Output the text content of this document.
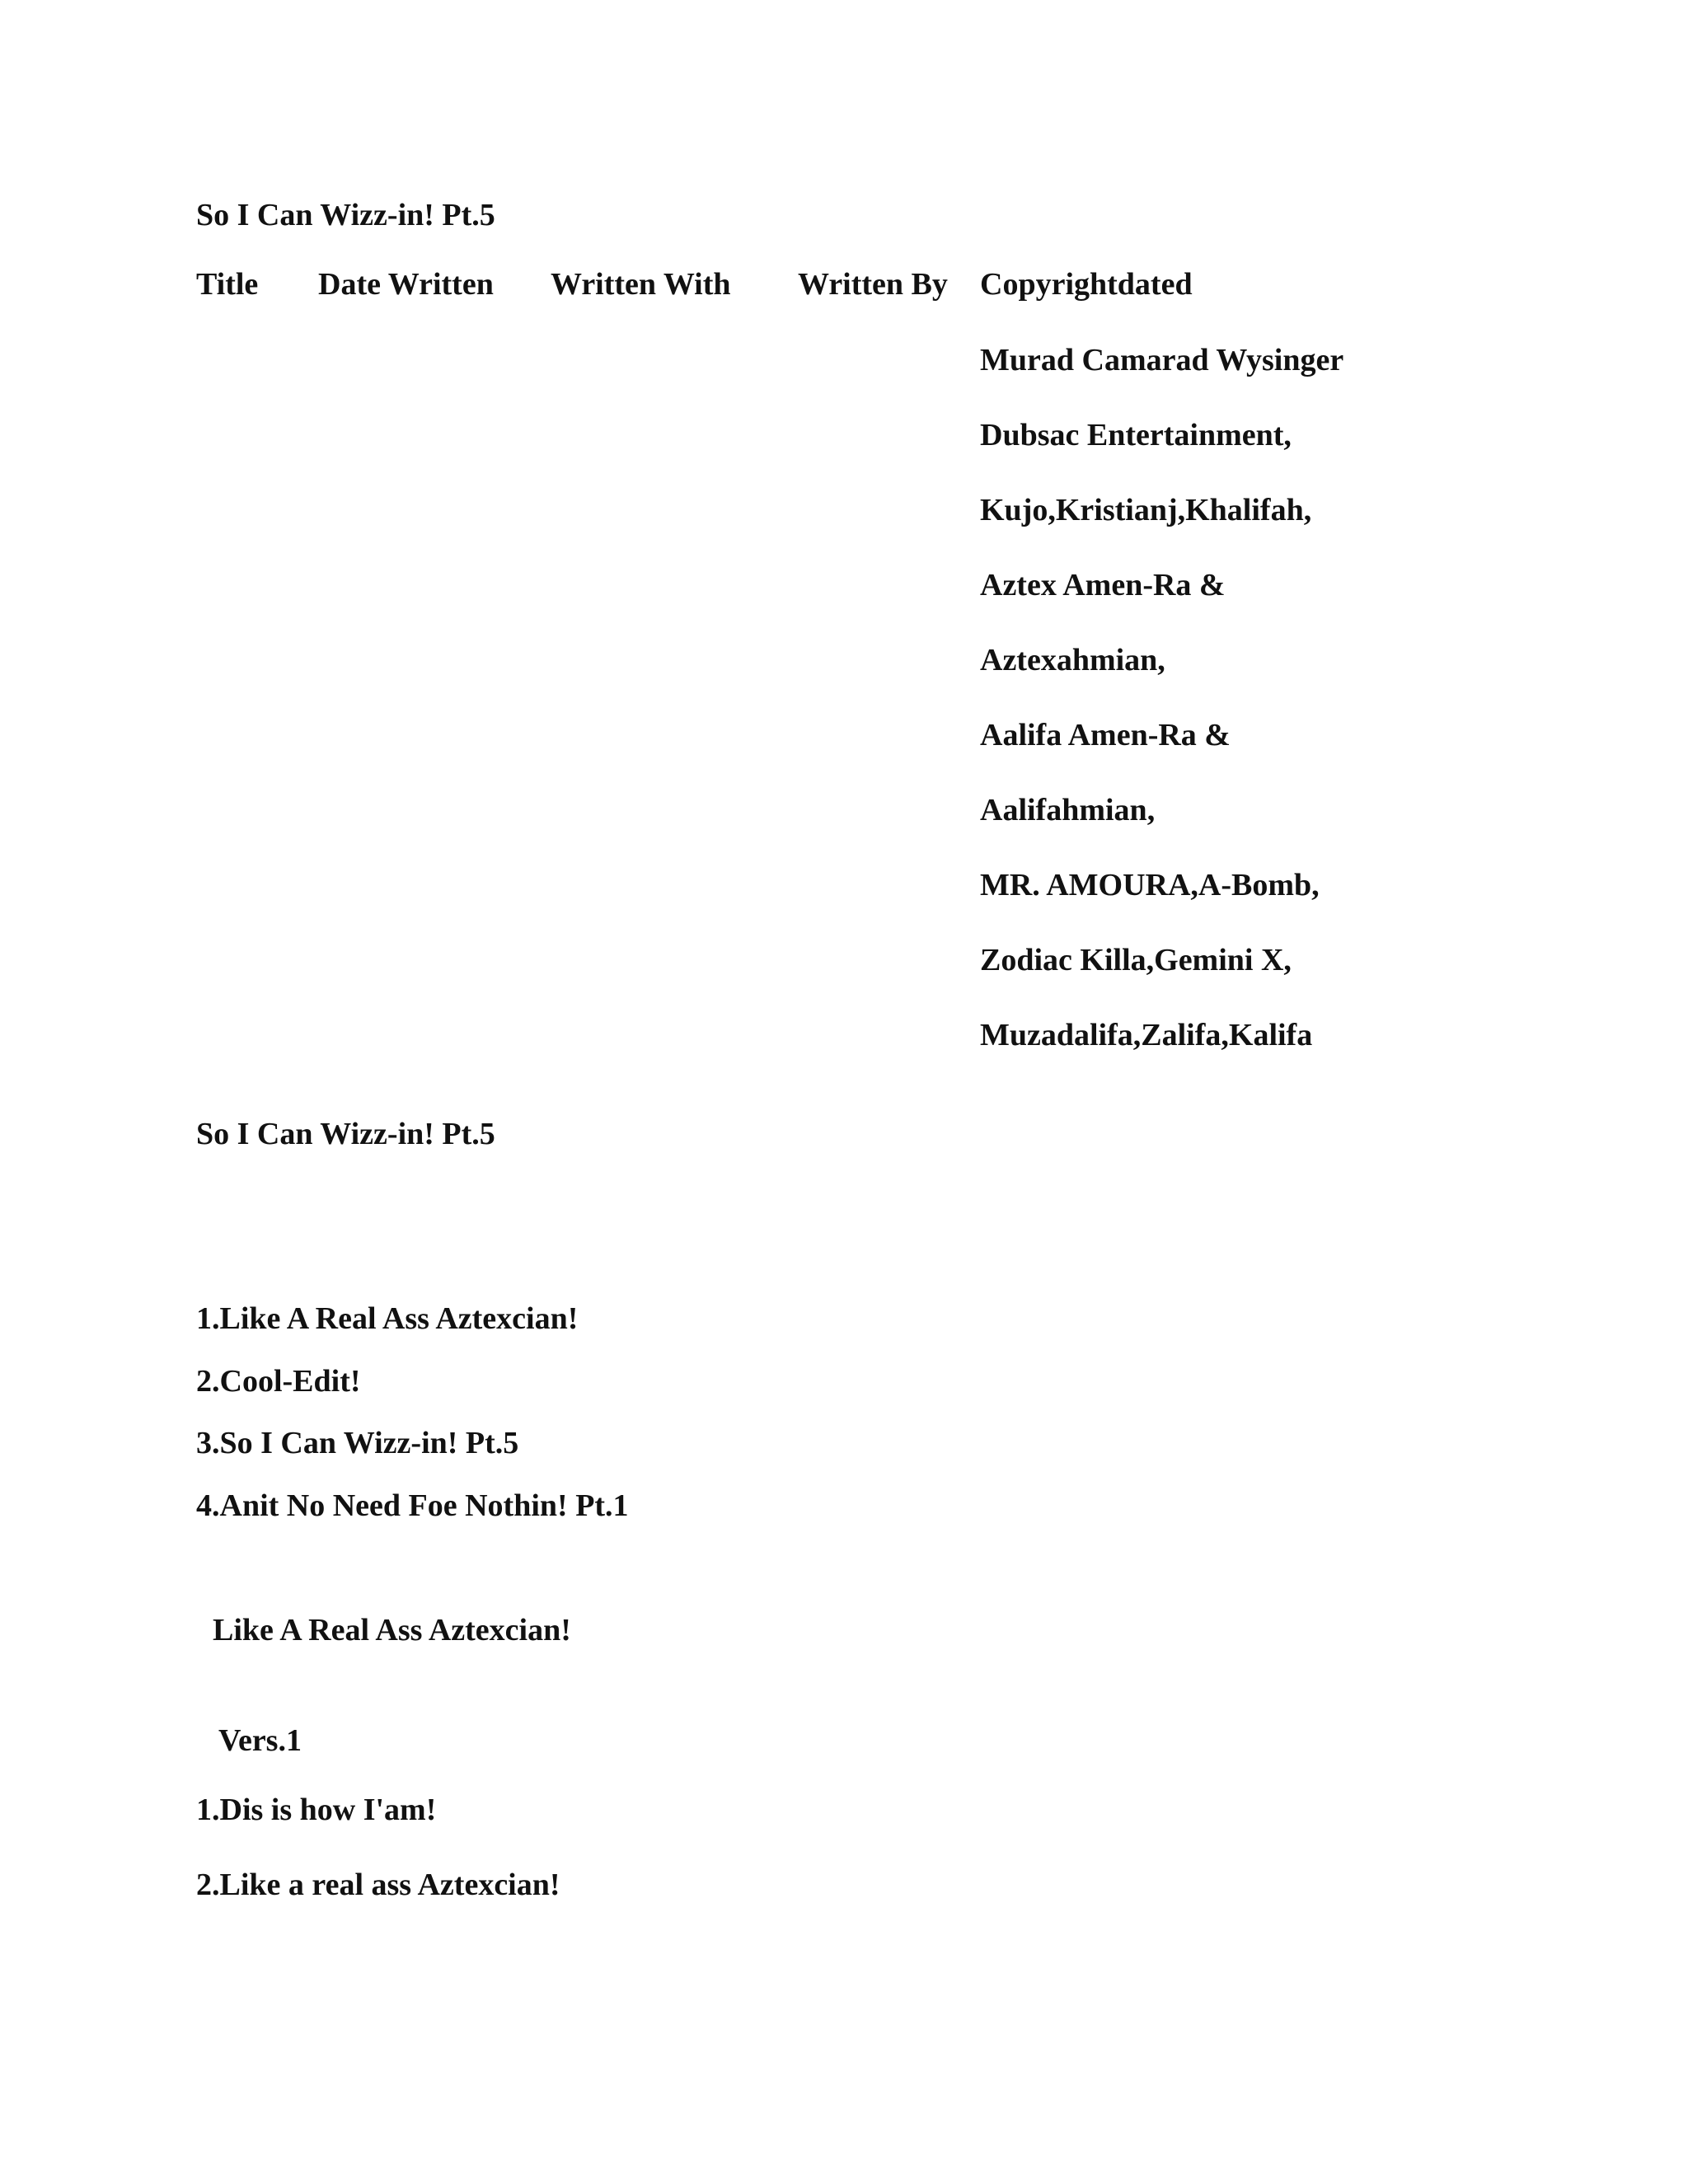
So I Can Wizz-in! Pt.5
Title Date Written Written With Written By Copyrightdated
Murad Camarad Wysinger
Dubsac Entertainment,
Kujo,Kristianj,Khalifah,
Aztex Amen-Ra &
Aztexahmian,
Aalifa Amen-Ra &
Aalifahmian,
MR. AMOURA,A-Bomb,
Zodiac Killa,Gemini X,
Muzadalifa,Zalifa,Kalifa
So I Can Wizz-in! Pt.5
1.Like A Real Ass Aztexcian!
2.Cool-Edit!
3.So I Can Wizz-in! Pt.5
4.Anit No Need Foe Nothin! Pt.1
Like A Real Ass Aztexcian!
Vers.1
1.Dis is how I'am!
2.Like a real ass Aztexcian!
